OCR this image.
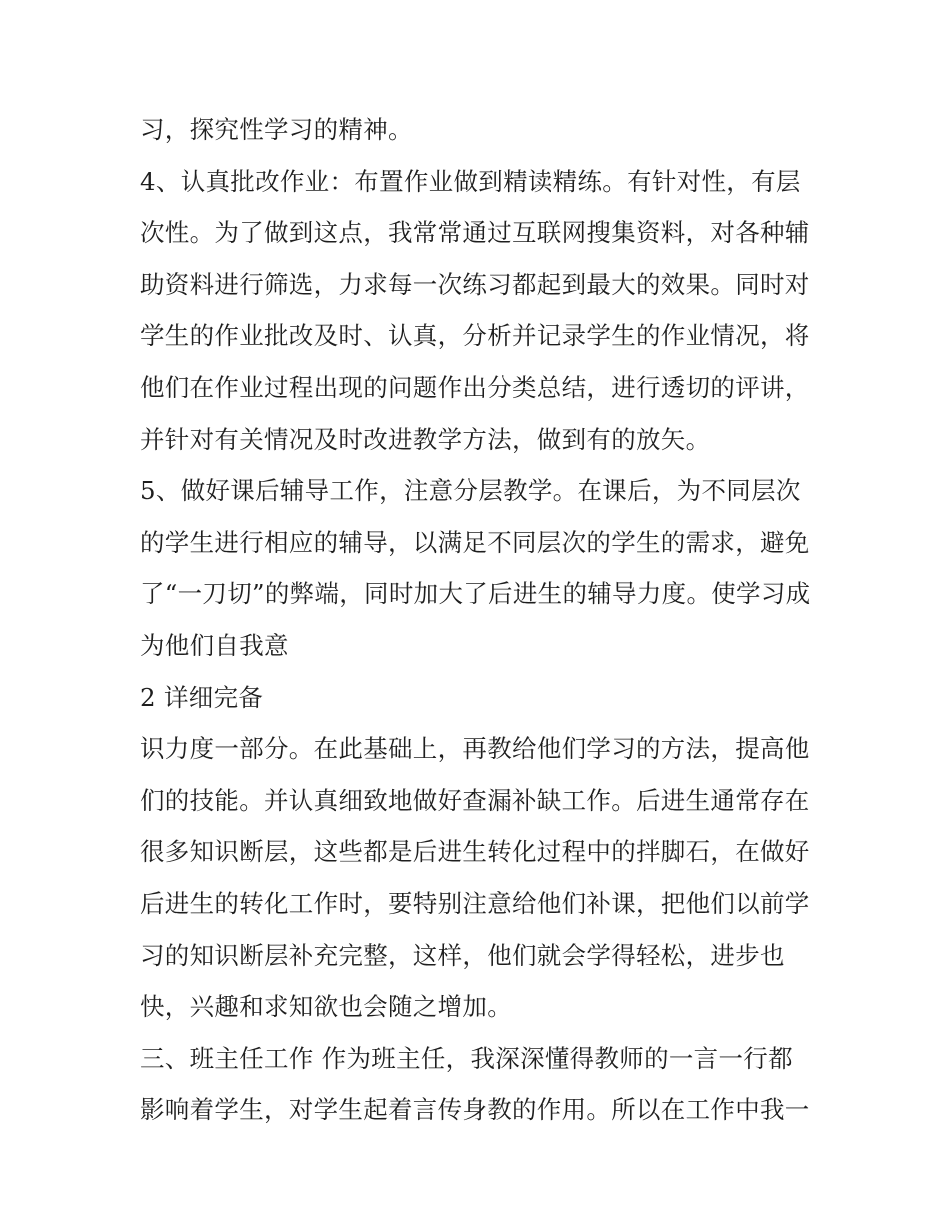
习，探究性学习的精神。
4、认真批改作业：布置作业做到精读精练。有针对性，有层
次性。为了做到这点，我常常通过互联网搜集资料，对各种辅
助资料进行筛选，力求每一次练习都起到最大的效果。同时对
学生的作业批改及时、认真，分析并记录学生的作业情况，将
他们在作业过程出现的问题作出分类总结，进行透切的评讲，
并针对有关情况及时改进教学方法，做到有的放矢。
5、做好课后辅导工作，注意分层教学。在课后，为不同层次
的学生进行相应的辅导，以满足不同层次的学生的需求，避免
了“一刀切”的弊端，同时加大了后进生的辅导力度。使学习成
为他们自我意
2 详细完备
识力度一部分。在此基础上，再教给他们学习的方法，提高他
们的技能。并认真细致地做好查漏补缺工作。后进生通常存在
很多知识断层，这些都是后进生转化过程中的拌脚石，在做好
后进生的转化工作时，要特别注意给他们补课，把他们以前学
习的知识断层补充完整，这样，他们就会学得轻松，进步也
快，兴趣和求知欲也会随之增加。
三、班主任工作 作为班主任，我深深懂得教师的一言一行都
影响着学生，对学生起着言传身教的作用。所以在工作中我一
